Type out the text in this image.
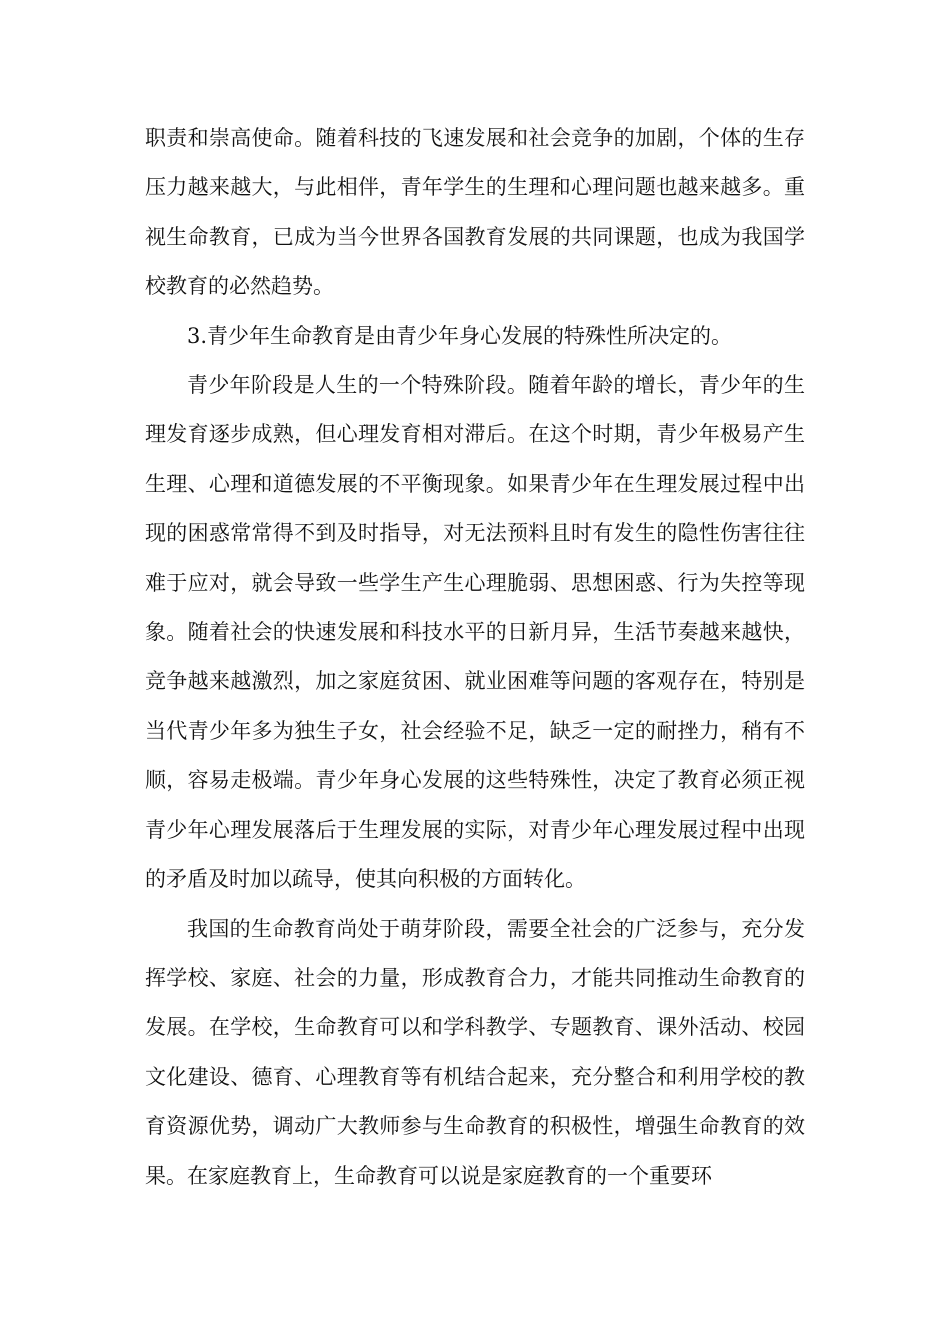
职责和崇高使命。随着科技的飞速发展和社会竞争的加剧，个体的生存压力越来越大，与此相伴，青年学生的生理和心理问题也越来越多。重视生命教育，已成为当今世界各国教育发展的共同课题，也成为我国学校教育的必然趋势。

3.青少年生命教育是由青少年身心发展的特殊性所决定的。

青少年阶段是人生的一个特殊阶段。随着年龄的增长，青少年的生理发育逐步成熟，但心理发育相对滞后。在这个时期，青少年极易产生生理、心理和道德发展的不平衡现象。如果青少年在生理发展过程中出现的困惑常常得不到及时指导，对无法预料且时有发生的隐性伤害往往难于应对，就会导致一些学生产生心理脆弱、思想困惑、行为失控等现象。随着社会的快速发展和科技水平的日新月异，生活节奏越来越快，竞争越来越激烈，加之家庭贫困、就业困难等问题的客观存在，特别是当代青少年多为独生子女，社会经验不足，缺乏一定的耐挫力，稍有不顺，容易走极端。青少年身心发展的这些特殊性，决定了教育必须正视青少年心理发展落后于生理发展的实际，对青少年心理发展过程中出现的矛盾及时加以疏导，使其向积极的方面转化。

我国的生命教育尚处于萌芽阶段，需要全社会的广泛参与，充分发挥学校、家庭、社会的力量，形成教育合力，才能共同推动生命教育的发展。在学校，生命教育可以和学科教学、专题教育、课外活动、校园文化建设、德育、心理教育等有机结合起来，充分整合和利用学校的教育资源优势，调动广大教师参与生命教育的积极性，增强生命教育的效果。在家庭教育上，生命教育可以说是家庭教育的一个重要环
